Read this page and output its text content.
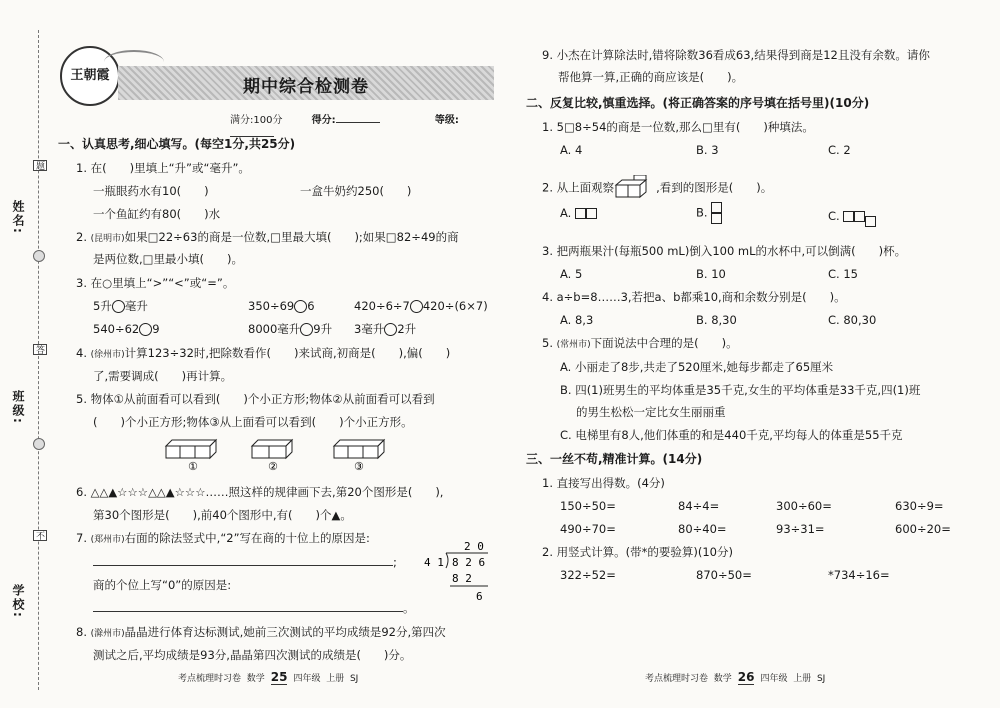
题
答
不
姓名:
班级:
学校:
王朝霞
期中综合检测卷
满分:100分	得分:	等级:
一、认真思考,细心填写。(每空1分,共25分)
1. 在(　　)里填上“升”或“毫升”。
一瓶眼药水有10(　　)	一盒牛奶约250(　　)
一个鱼缸约有80(　　)水
2. (昆明市)如果□22÷63的商是一位数,□里最大填(　　);如果□82÷49的商
是两位数,□里最小填(　　)。
3. 在○里填上“>”“<”或“=”。
5升 毫升	350÷69 6	420÷6÷7 420÷(6×7)
540÷62 9	8000毫升 9升 3毫升 2升
4. (徐州市)计算123÷32时,把除数看作(　　)来试商,初商是(　　),偏(　　)
了,需要调成(　　)再计算。
5. 物体①从前面看可以看到(　　)个小正方形;物体②从前面看可以看到
(　　)个小正方形;物体③从上面看可以看到(　　)个小正方形。
①	②	③
6. △△▲☆☆☆△△▲☆☆☆……照这样的规律画下去,第20个图形是(　　),
第30个图形是(　　),前40个图形中,有(　　)个▲。
7. (郑州市)右面的除法竖式中,“2”写在商的十位上的原因是:
;
商的个位上写“0”的原因是:
。
2 0
4 1 8 2 6
8 2
6
8. (滁州市)晶晶进行体育达标测试,她前三次测试的平均成绩是92分,第四次
测试之后,平均成绩是93分,晶晶第四次测试的成绩是(　　)分。
考点梳理时习卷 数学 25 四年级 上册 SJ
9. 小杰在计算除法时,错将除数36看成63,结果得到商是12且没有余数。请你
帮他算一算,正确的商应该是(　　)。
二、反复比较,慎重选择。(将正确答案的序号填在括号里)(10分)
1. 5□8÷54的商是一位数,那么□里有(　　)种填法。
A. 4	B. 3	C. 2
2. 从上面观察	,看到的图形是(　　)。
A.	B.	C.
3. 把两瓶果汁(每瓶500 mL)倒入100 mL的水杯中,可以倒满(　　)杯。
A. 5	B. 10	C. 15
4. a÷b=8……3,若把a、b都乘10,商和余数分别是(　　)。
A. 8,3	B. 8,30	C. 80,30
5. (常州市)下面说法中合理的是(　　)。
A. 小丽走了8步,共走了520厘米,她每步都走了65厘米
B. 四(1)班男生的平均体重是35千克,女生的平均体重是33千克,四(1)班
的男生松松一定比女生丽丽重
C. 电梯里有8人,他们体重的和是440千克,平均每人的体重是55千克
三、一丝不苟,精准计算。(14分)
1. 直接写出得数。(4分)
150÷50=	84÷4=	300÷60=	630÷9=
490÷70=	80÷40=	93÷31=	600÷20=
2. 用竖式计算。(带*的要验算)(10分)
322÷52=	870÷50=	*734÷16=
考点梳理时习卷 数学 26 四年级 上册 SJ
